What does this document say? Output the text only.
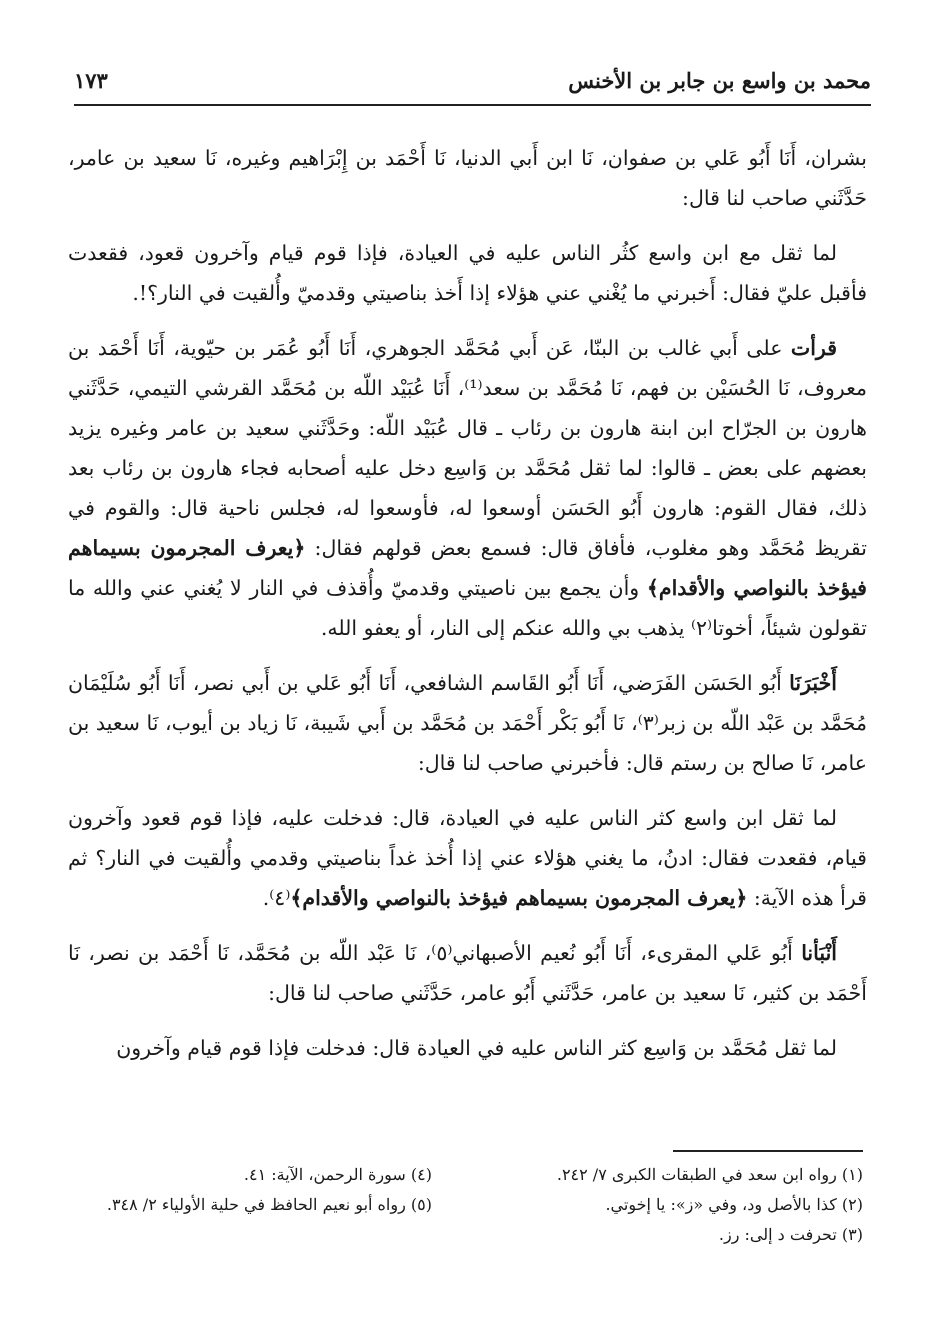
محمد بن واسع بن جابر بن الأخنس
١٧٣

بشران، أَنَا أَبُو عَلي بن صفوان، نَا ابن أَبي الدنيا، نَا أَحْمَد بن إِبْرَاهيم وغيره، نَا سعيد بن عامر، حَدَّثَني صاحب لنا قال:

لما ثقل مع ابن واسع كثُر الناس عليه في العيادة، فإذا قوم قيام وآخرون قعود، فقعدت فأقبل عليّ فقال: أَخبرني ما يُغْني عني هؤلاء إذا أَخذ بناصيتي وقدميّ وأُلقيت في النار؟!.

قرأت على أَبي غالب بن البنّا، عَن أَبي مُحَمَّد الجوهري، أَنَا أَبُو عُمَر بن حيّوية، أَنَا أَحْمَد بن معروف، نَا الحُسَيْن بن فهم، نَا مُحَمَّد بن سعد⁽¹⁾، أَنَا عُبَيْد اللّه بن مُحَمَّد القرشي التيمي، حَدَّثَني هارون بن الجرّاح ابن ابنة هارون بن رئاب ـ قال عُبَيْد اللّه: وحَدَّثَني سعيد بن عامر وغيره يزيد بعضهم على بعض ـ قالوا: لما ثقل مُحَمَّد بن وَاسِع دخل عليه أصحابه فجاء هارون بن رئاب بعد ذلك، فقال القوم: هارون أَبُو الحَسَن أوسعوا له، فأوسعوا له، فجلس ناحية قال: والقوم في تقريظ مُحَمَّد وهو مغلوب، فأفاق قال: فسمع بعض قولهم فقال: ﴿يعرف المجرمون بسيماهم فيؤخذ بالنواصي والأقدام﴾ وأن يجمع بين ناصيتي وقدميّ وأُقذف في النار لا يُغني عني والله ما تقولون شيئاً، أخوتا⁽٢⁾ يذهب بي والله عنكم إلى النار، أو يعفو الله.

أَخْبَرَنَا أَبُو الحَسَن الفَرَضي، أَنَا أَبُو القَاسم الشافعي، أَنَا أَبُو عَلي بن أَبي نصر، أَنَا أَبُو سُلَيْمَان مُحَمَّد بن عَبْد اللّه بن زبر⁽٣⁾، نَا أَبُو بَكْر أَحْمَد بن مُحَمَّد بن أَبي شَيبة، نَا زياد بن أيوب، نَا سعيد بن عامر، نَا صالح بن رستم قال: فأخبرني صاحب لنا قال:

لما ثقل ابن واسع كثر الناس عليه في العيادة، قال: فدخلت عليه، فإذا قوم قعود وآخرون قيام، فقعدت فقال: ادنُ، ما يغني هؤلاء عني إذا أُخذ غداً بناصيتي وقدمي وأُلقيت في النار؟ ثم قرأ هذه الآية: ﴿يعرف المجرمون بسيماهم فيؤخذ بالنواصي والأقدام﴾⁽٤⁾.

أَنْبَأنا أَبُو عَلي المقرىء، أَنَا أَبُو نُعيم الأصبهاني⁽٥⁾، نَا عَبْد اللّه بن مُحَمَّد، نَا أَحْمَد بن نصر، نَا أَحْمَد بن كثير، نَا سعيد بن عامر، حَدَّثَني أَبُو عامر، حَدَّثَني صاحب لنا قال:

لما ثقل مُحَمَّد بن وَاسِع كثر الناس عليه في العيادة قال: فدخلت فإذا قوم قيام وآخرون

(١) رواه ابن سعد في الطبقات الكبرى ٧/ ٢٤٢.
(٢) كذا بالأصل ود، وفي «ز»: يا إخوتي.
(٣) تحرفت د إلى: رز.
(٤) سورة الرحمن، الآية: ٤١.
(٥) رواه أبو نعيم الحافظ في حلية الأولياء ٢/ ٣٤٨.
